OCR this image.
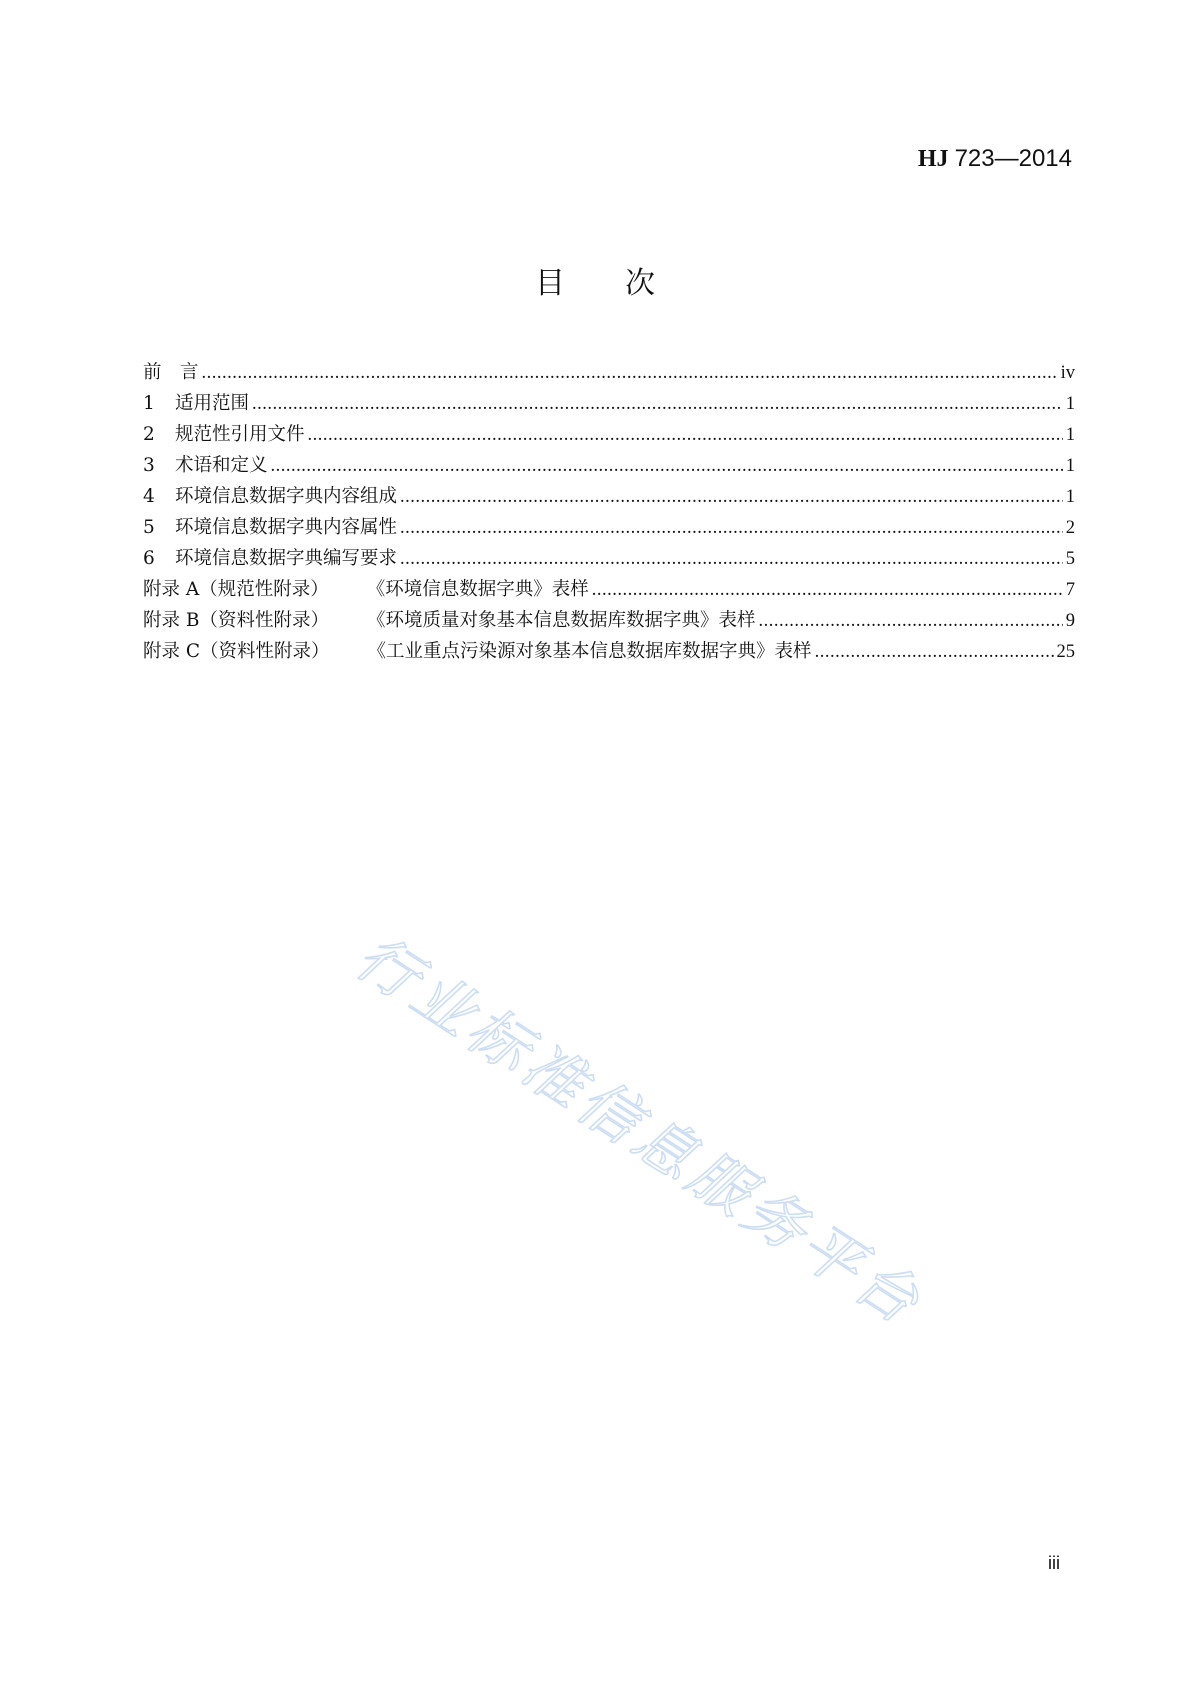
HJ 723—2014
目次
前　言 .....	iv
1 适用范围 .....	1
2 规范性引用文件 .....	1
3 术语和定义 .....	1
4 环境信息数据字典内容组成 .....	1
5 环境信息数据字典内容属性 .....	2
6 环境信息数据字典编写要求 .....	5
附录 A（规范性附录） 《环境信息数据字典》表样 .....	7
附录 B（资料性附录） 《环境质量对象基本信息数据库数据字典》表样 .....	9
附录 C（资料性附录） 《工业重点污染源对象基本信息数据库数据字典》表样 .....	25
行业标准信息服务平台
iii
